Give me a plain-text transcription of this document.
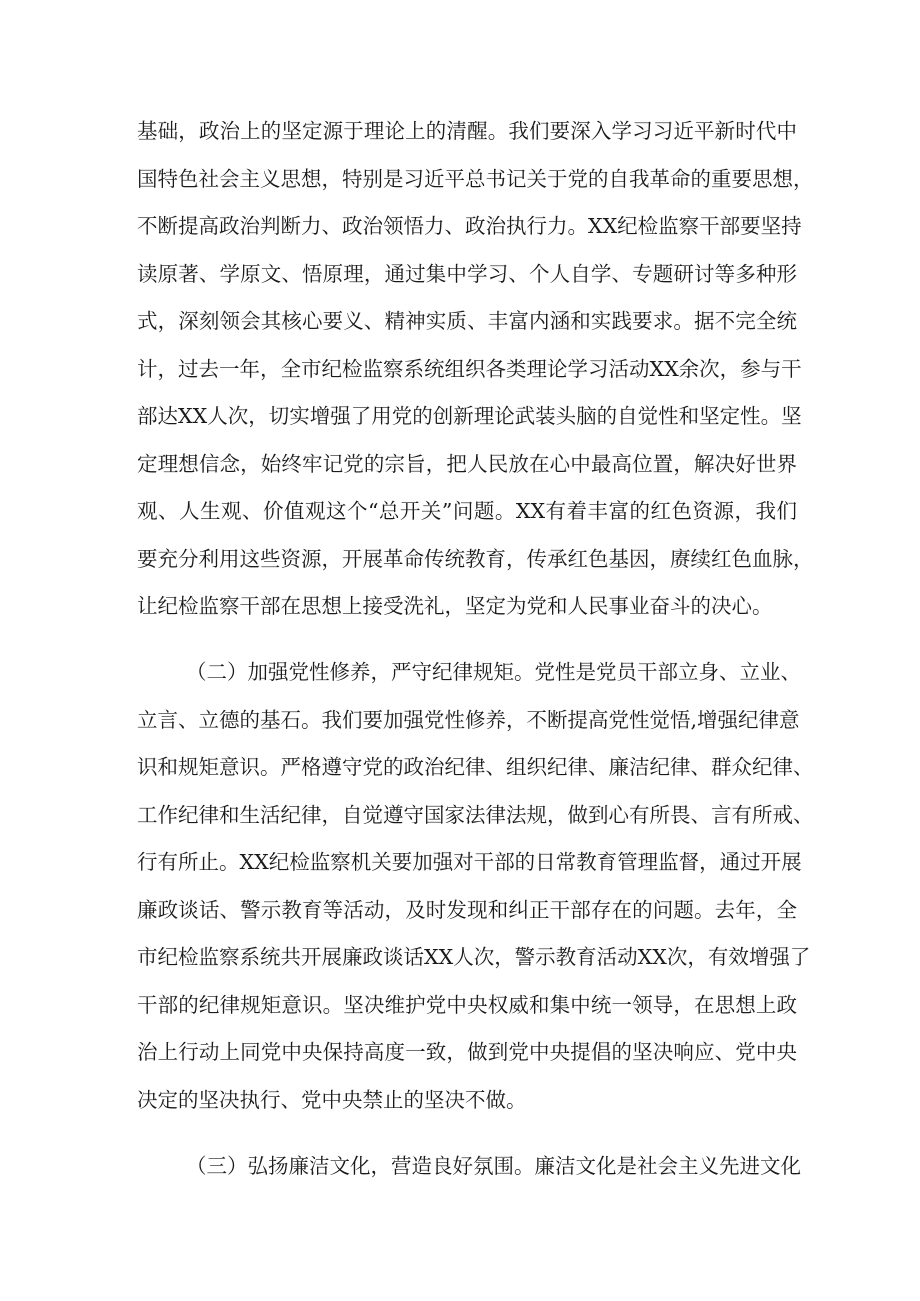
基础，政治上的坚定源于理论上的清醒。我们要深入学习习近平新时代中
国特色社会主义思想，特别是习近平总书记关于党的自我革命的重要思想，
不断提高政治判断力、政治领悟力、政治执行力。XX纪检监察干部要坚持
读原著、学原文、悟原理，通过集中学习、个人自学、专题研讨等多种形
式，深刻领会其核心要义、精神实质、丰富内涵和实践要求。据不完全统
计，过去一年，全市纪检监察系统组织各类理论学习活动XX余次，参与干
部达XX人次，切实增强了用党的创新理论武装头脑的自觉性和坚定性。坚
定理想信念，始终牢记党的宗旨，把人民放在心中最高位置，解决好世界
观、人生观、价值观这个“总开关”问题。XX有着丰富的红色资源，我们
要充分利用这些资源，开展革命传统教育，传承红色基因，赓续红色血脉，
让纪检监察干部在思想上接受洗礼，坚定为党和人民事业奋斗的决心。
（二）加强党性修养，严守纪律规矩。党性是党员干部立身、立业、
立言、立德的基石。我们要加强党性修养，不断提高党性觉悟,增强纪律意
识和规矩意识。严格遵守党的政治纪律、组织纪律、廉洁纪律、群众纪律、
工作纪律和生活纪律，自觉遵守国家法律法规，做到心有所畏、言有所戒、
行有所止。XX纪检监察机关要加强对干部的日常教育管理监督，通过开展
廉政谈话、警示教育等活动，及时发现和纠正干部存在的问题。去年，全
市纪检监察系统共开展廉政谈话XX人次，警示教育活动XX次，有效增强了
干部的纪律规矩意识。坚决维护党中央权威和集中统一领导，在思想上政
治上行动上同党中央保持高度一致，做到党中央提倡的坚决响应、党中央
决定的坚决执行、党中央禁止的坚决不做。
（三）弘扬廉洁文化，营造良好氛围。廉洁文化是社会主义先进文化
